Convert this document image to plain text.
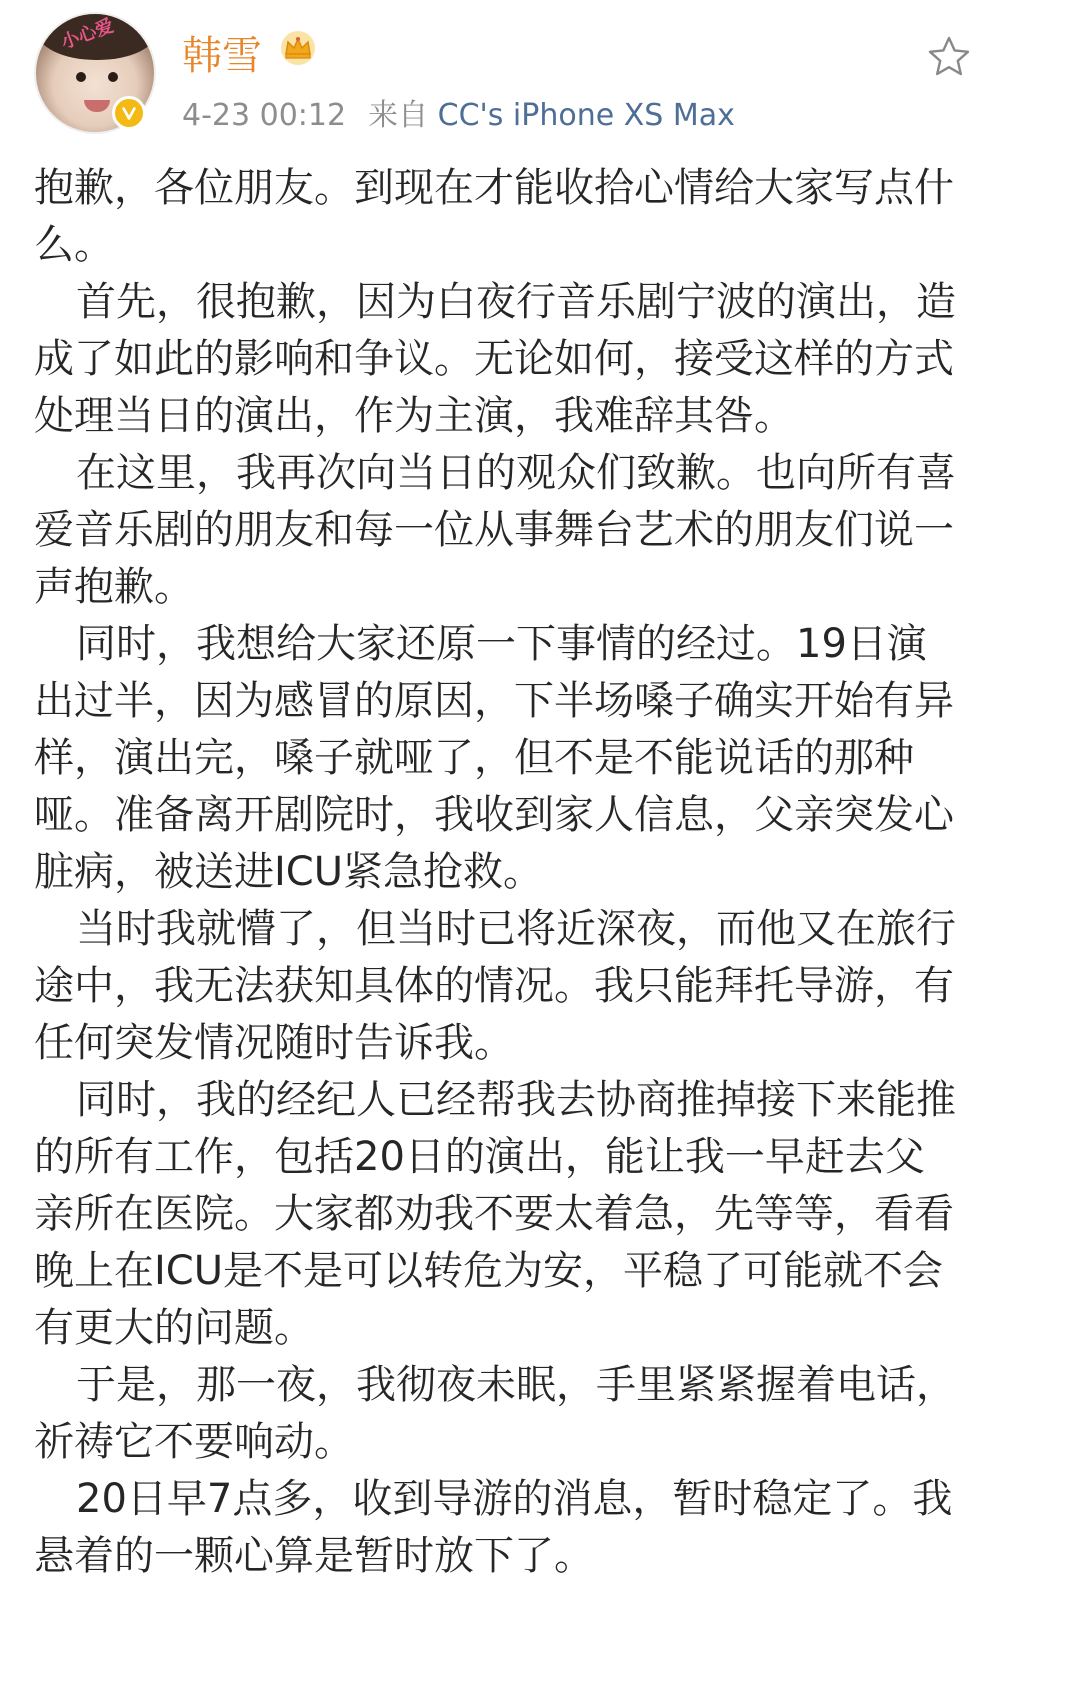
小心爱 韩雪
4-23 00:12 来自 CC's iPhone XS Max

抱歉，各位朋友。到现在才能收拾心情给大家写点什么。

首先，很抱歉，因为白夜行音乐剧宁波的演出，造成了如此的影响和争议。无论如何，接受这样的方式处理当日的演出，作为主演，我难辞其咎。

在这里，我再次向当日的观众们致歉。也向所有喜爱音乐剧的朋友和每一位从事舞台艺术的朋友们说一声抱歉。

同时，我想给大家还原一下事情的经过。19日演出过半，因为感冒的原因，下半场嗓子确实开始有异样，演出完，嗓子就哑了，但不是不能说话的那种哑。准备离开剧院时，我收到家人信息，父亲突发心脏病，被送进ICU紧急抢救。

当时我就懵了，但当时已将近深夜，而他又在旅行途中，我无法获知具体的情况。我只能拜托导游，有任何突发情况随时告诉我。

同时，我的经纪人已经帮我去协商推掉接下来能推的所有工作，包括20日的演出，能让我一早赶去父亲所在医院。大家都劝我不要太着急，先等等，看看晚上在ICU是不是可以转危为安，平稳了可能就不会有更大的问题。

于是，那一夜，我彻夜未眠，手里紧紧握着电话，祈祷它不要响动。

20日早7点多，收到导游的消息，暂时稳定了。我悬着的一颗心算是暂时放下了。
